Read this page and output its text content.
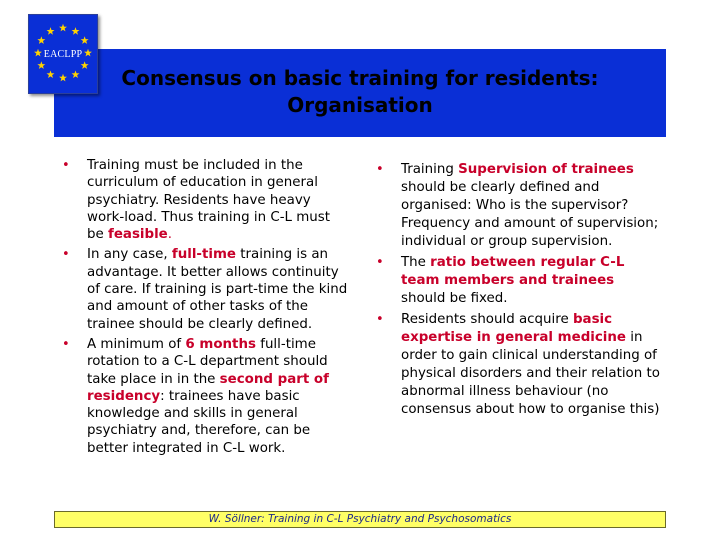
Consensus on basic training for residents:
Organisation
EACLPP
• Training must be included in the curriculum of education in general psychiatry. Residents have heavy work-load. Thus training in C-L must be feasible.
• In any case, full-time training is an advantage. It better allows continuity of care. If training is part-time the kind and amount of other tasks of the trainee should be clearly defined.
• A minimum of 6 months full-time rotation to a C-L department should take place in in the second part of residency: trainees have basic knowledge and skills in general psychiatry and, therefore, can be better integrated in C-L work.
• Training Supervision of trainees should be clearly defined and organised: Who is the supervisor? Frequency and amount of supervision; individual or group supervision.
• The ratio between regular C-L team members and trainees should be fixed.
• Residents should acquire basic expertise in general medicine in order to gain clinical understanding of physical disorders and their relation to abnormal illness behaviour (no consensus about how to organise this)
W. Söllner: Training in C-L Psychiatry and Psychosomatics
